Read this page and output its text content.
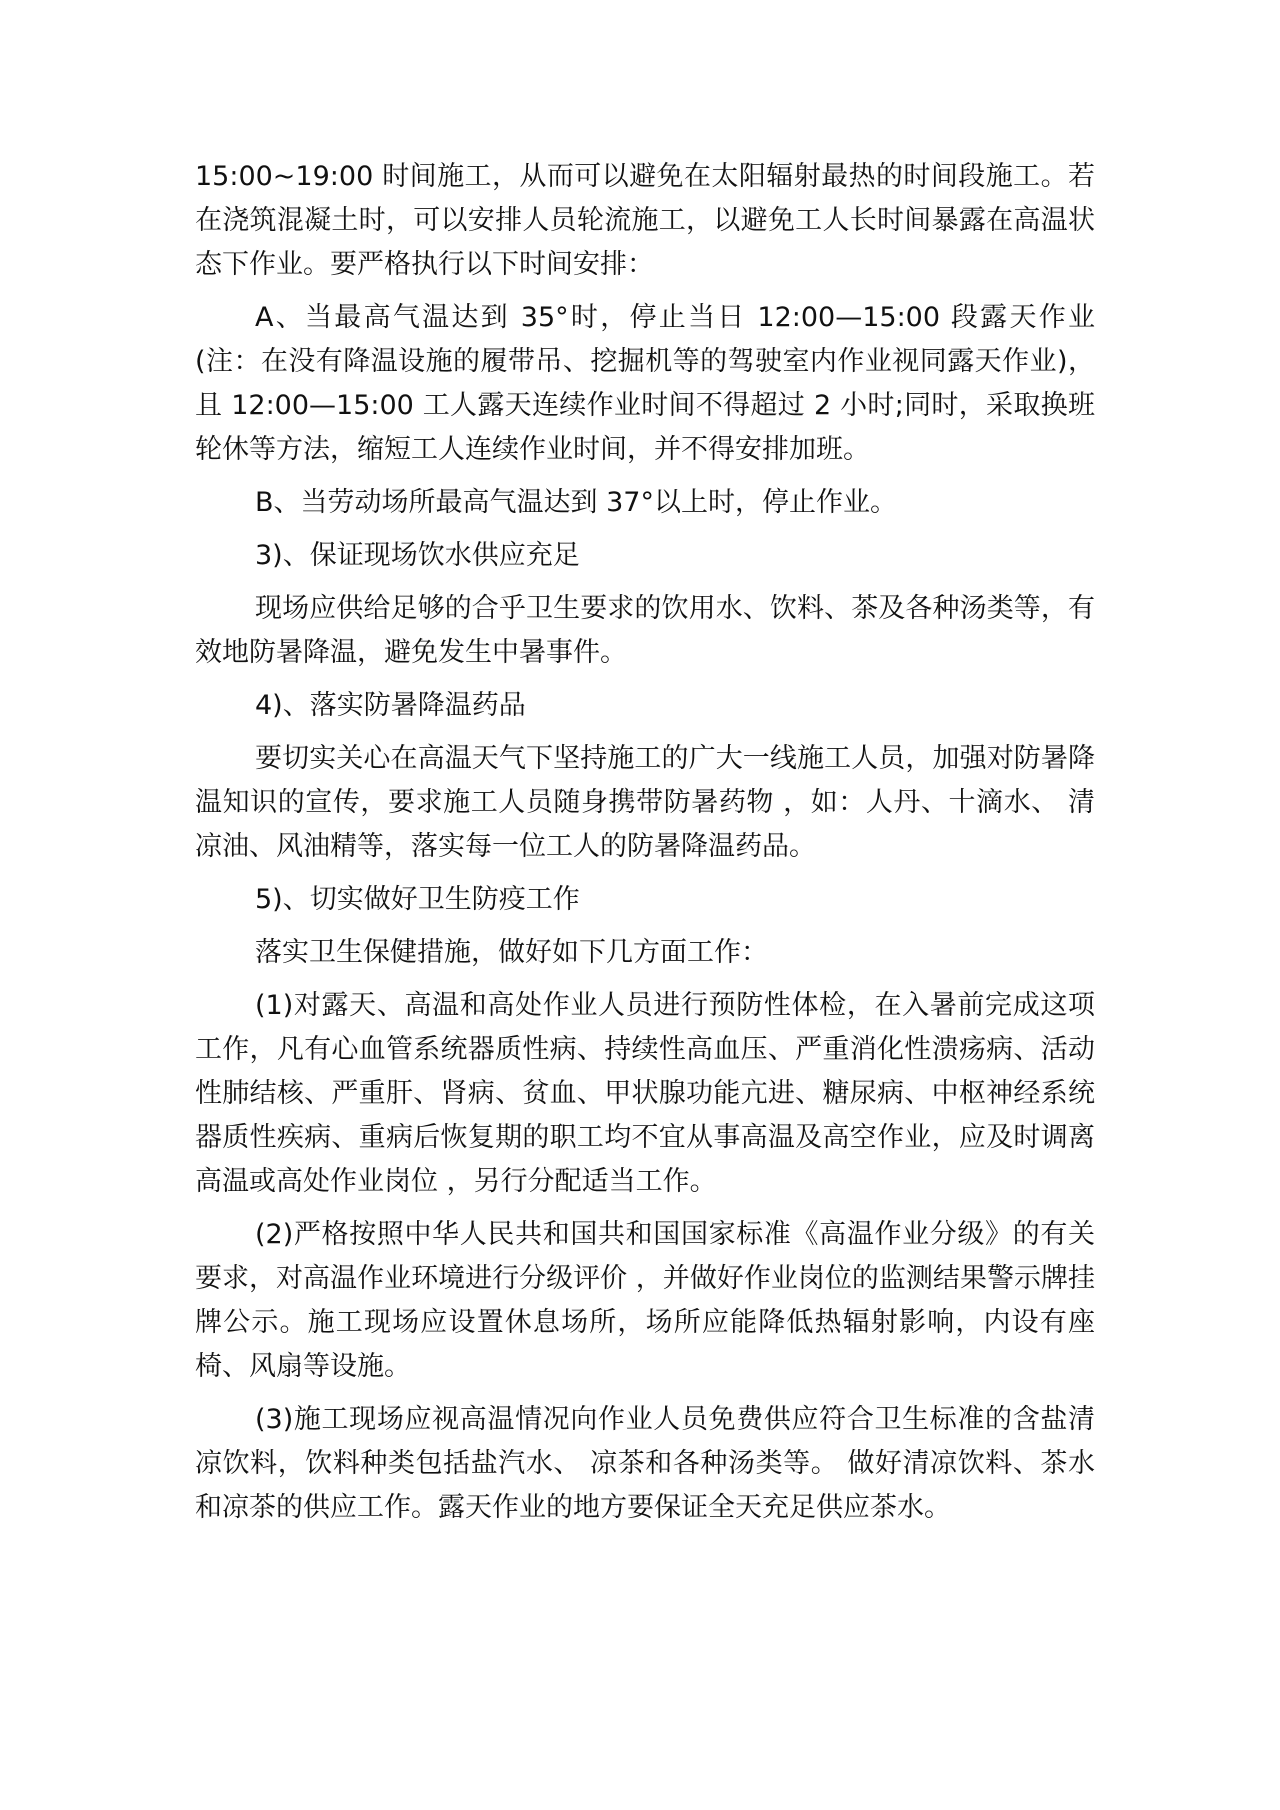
15:00~19:00 时间施工，从而可以避免在太阳辐射最热的时间段施工。若在浇筑混凝土时，可以安排人员轮流施工，以避免工人长时间暴露在高温状态下作业。要严格执行以下时间安排：

A、当最高气温达到 35°时，停止当日 12:00—15:00 段露天作业(注：在没有降温设施的履带吊、挖掘机等的驾驶室内作业视同露天作业)，且 12:00—15:00 工人露天连续作业时间不得超过 2 小时;同时，采取换班轮休等方法，缩短工人连续作业时间，并不得安排加班。

B、当劳动场所最高气温达到 37°以上时，停止作业。

3)、保证现场饮水供应充足

现场应供给足够的合乎卫生要求的饮用水、饮料、茶及各种汤类等，有效地防暑降温，避免发生中暑事件。

4)、落实防暑降温药品

要切实关心在高温天气下坚持施工的广大一线施工人员，加强对防暑降温知识的宣传，要求施工人员随身携带防暑药物 ，如：人丹、十滴水、 清凉油、风油精等，落实每一位工人的防暑降温药品。

5)、切实做好卫生防疫工作

落实卫生保健措施，做好如下几方面工作：

(1)对露天、高温和高处作业人员进行预防性体检，在入暑前完成这项工作，凡有心血管系统器质性病、持续性高血压、严重消化性溃疡病、活动性肺结核、严重肝、肾病、贫血、甲状腺功能亢进、糖尿病、中枢神经系统器质性疾病、重病后恢复期的职工均不宜从事高温及高空作业，应及时调离高温或高处作业岗位 ，另行分配适当工作。

(2)严格按照中华人民共和国共和国国家标准《高温作业分级》的有关要求，对高温作业环境进行分级评价 ，并做好作业岗位的监测结果警示牌挂牌公示。施工现场应设置休息场所，场所应能降低热辐射影响，内设有座椅、风扇等设施。

(3)施工现场应视高温情况向作业人员免费供应符合卫生标准的含盐清凉饮料，饮料种类包括盐汽水、 凉茶和各种汤类等。 做好清凉饮料、茶水和凉茶的供应工作。露天作业的地方要保证全天充足供应茶水。
